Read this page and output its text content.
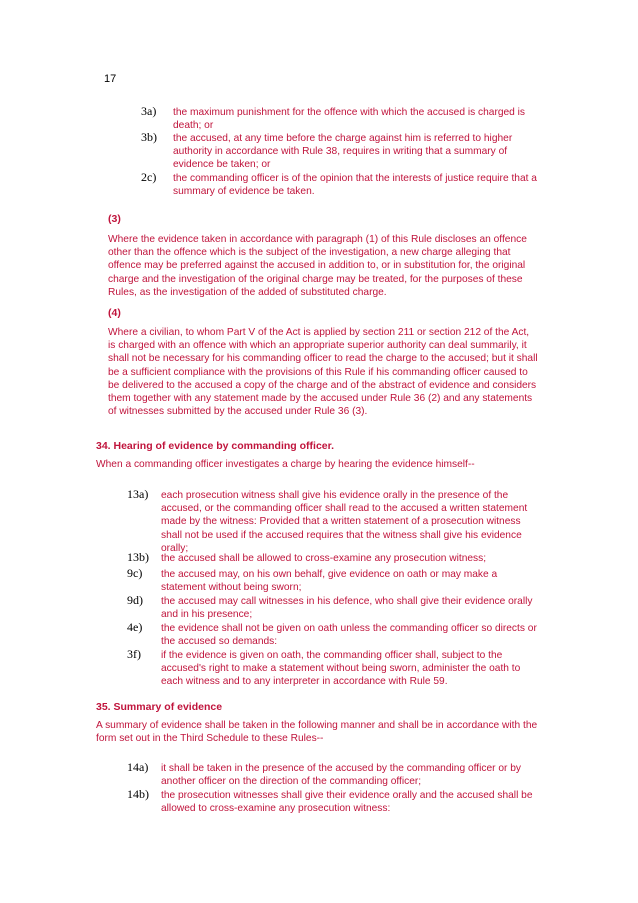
17
3a) the maximum punishment for the offence with which the accused is charged is death; or
3b) the accused, at any time before the charge against him is referred to higher authority in accordance with Rule 38, requires in writing that a summary of evidence be taken; or
2c) the commanding officer is of the opinion that the interests of justice require that a summary of evidence be taken.
(3)
Where the evidence taken in accordance with paragraph (1) of this Rule discloses an offence other than the offence which is the subject of the investigation, a new charge alleging that offence may be preferred against the accused in addition to, or in substitution for, the original charge and the investigation of the original charge may be treated, for the purposes of these Rules, as the investigation of the added of substituted charge.
(4)
Where a civilian, to whom Part V of the Act is applied by section 211 or section 212 of the Act, is charged with an offence with which an appropriate superior authority can deal summarily, it shall not be necessary for his commanding officer to read the charge to the accused; but it shall be a sufficient compliance with the provisions of this Rule if his commanding officer caused to be delivered to the accused a copy of the charge and of the abstract of evidence and considers them together with any statement made by the accused under Rule 36 (2) and any statements of witnesses submitted by the accused under Rule 36 (3).
34. Hearing of evidence by commanding officer.
When a commanding officer investigates a charge by hearing the evidence himself--
13a) each prosecution witness shall give his evidence orally in the presence of the accused, or the commanding officer shall read to the accused a written statement made by the witness: Provided that a written statement of a prosecution witness shall not be used if the accused requires that the witness shall give his evidence orally;
13b) the accused shall be allowed to cross-examine any prosecution witness;
9c) the accused may, on his own behalf, give evidence on oath or may make a statement without being sworn;
9d) the accused may call witnesses in his defence, who shall give their evidence orally and in his presence;
4e) the evidence shall not be given on oath unless the commanding officer so directs or the accused so demands:
3f) if the evidence is given on oath, the commanding officer shall, subject to the accused's right to make a statement without being sworn, administer the oath to each witness and to any interpreter in accordance with Rule 59.
35. Summary of evidence
A summary of evidence shall be taken in the following manner and shall be in accordance with the form set out in the Third Schedule to these Rules--
14a) it shall be taken in the presence of the accused by the commanding officer or by another officer on the direction of the commanding officer;
14b) the prosecution witnesses shall give their evidence orally and the accused shall be allowed to cross-examine any prosecution witness:
